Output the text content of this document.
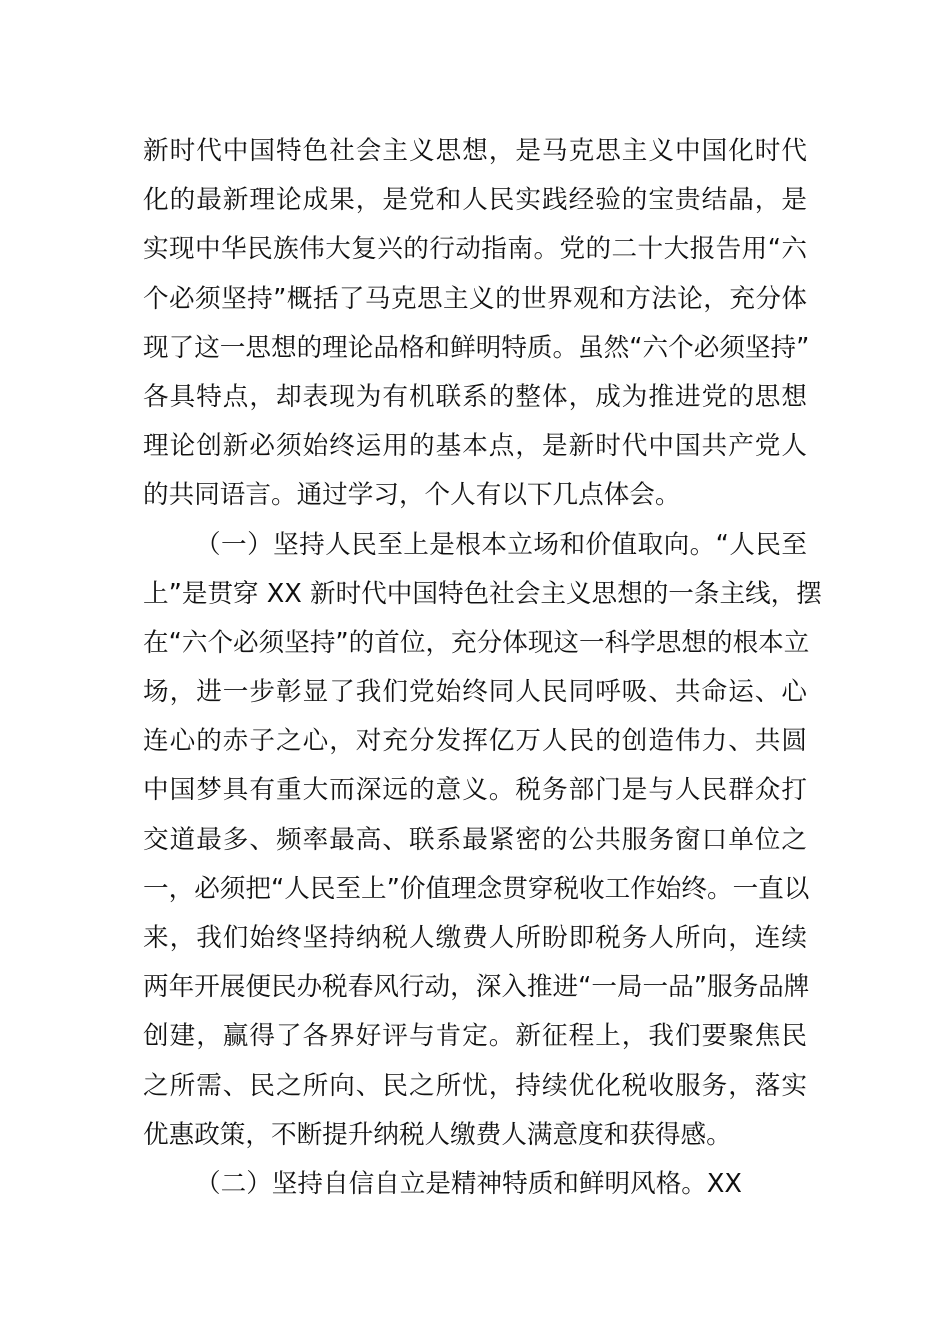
新时代中国特色社会主义思想，是马克思主义中国化时代
化的最新理论成果，是党和人民实践经验的宝贵结晶，是
实现中华民族伟大复兴的行动指南。党的二十大报告用“六
个必须坚持”概括了马克思主义的世界观和方法论，充分体
现了这一思想的理论品格和鲜明特质。虽然“六个必须坚持”
各具特点，却表现为有机联系的整体，成为推进党的思想
理论创新必须始终运用的基本点，是新时代中国共产党人
的共同语言。通过学习，个人有以下几点体会。
（一）坚持人民至上是根本立场和价值取向。“人民至
上”是贯穿 XX 新时代中国特色社会主义思想的一条主线，摆
在“六个必须坚持”的首位，充分体现这一科学思想的根本立
场，进一步彰显了我们党始终同人民同呼吸、共命运、心
连心的赤子之心，对充分发挥亿万人民的创造伟力、共圆
中国梦具有重大而深远的意义。税务部门是与人民群众打
交道最多、频率最高、联系最紧密的公共服务窗口单位之
一，必须把“人民至上”价值理念贯穿税收工作始终。一直以
来，我们始终坚持纳税人缴费人所盼即税务人所向，连续
两年开展便民办税春风行动，深入推进“一局一品”服务品牌
创建，赢得了各界好评与肯定。新征程上，我们要聚焦民
之所需、民之所向、民之所忧，持续优化税收服务，落实
优惠政策，不断提升纳税人缴费人满意度和获得感。
（二）坚持自信自立是精神特质和鲜明风格。XX
